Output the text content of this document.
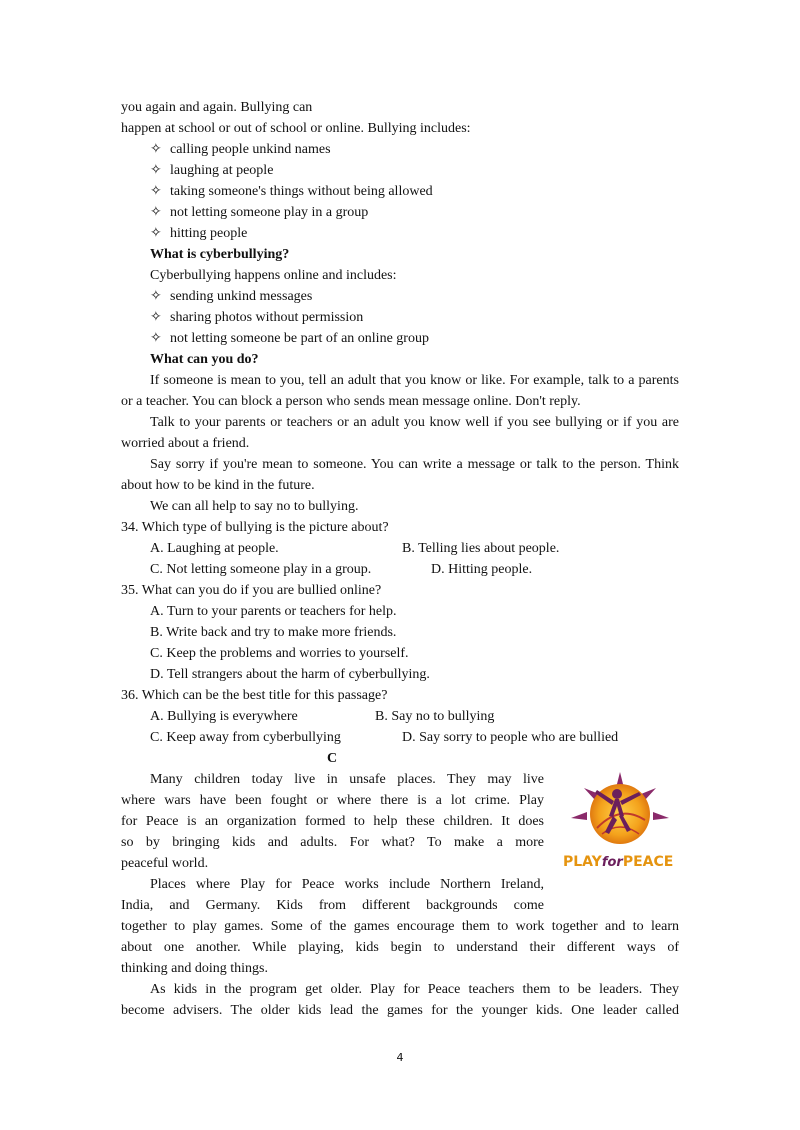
you again and again. Bullying can
happen at school or out of school or online. Bullying includes:
✧ calling people unkind names
✧ laughing at people
✧ taking someone's things without being allowed
✧ not letting someone play in a group
✧ hitting people
What is cyberbullying?
Cyberbullying happens online and includes:
✧ sending unkind messages
✧ sharing photos without permission
✧ not letting someone be part of an online group
What can you do?
If someone is mean to you, tell an adult that you know or like. For example, talk to a parents
or a teacher. You can block a person who sends mean message online. Don't reply.
Talk to your parents or teachers or an adult you know well if you see bullying or if you are
worried about a friend.
Say sorry if you're mean to someone. You can write a message or talk to the person. Think
about how to be kind in the future.
We can all help to say no to bullying.
34. Which type of bullying is the picture about?
A. Laughing at people.	B. Telling lies about people.
C. Not letting someone play in a group.	D. Hitting people.
35. What can you do if you are bullied online?
A. Turn to your parents or teachers for help.
B. Write back and try to make more friends.
C. Keep the problems and worries to yourself.
D. Tell strangers about the harm of cyberbullying.
36. Which can be the best title for this passage?
A. Bullying is everywhere	B. Say no to bullying
C. Keep away from cyberbullying	D. Say sorry to people who are bullied
C
Many children today live in unsafe places. They may live
where wars have been fought or where there is a lot crime. Play
for Peace is an organization formed to help these children. It does
so by bringing kids and adults. For what? To make a more
peaceful world.
Places where Play for Peace works include Northern Ireland,
India, and Germany. Kids from different backgrounds come
together to play games. Some of the games encourage them to work together and to learn
about one another. While playing, kids begin to understand their different ways of
thinking and doing things.
As kids in the program get older. Play for Peace teachers them to be leaders. They
become advisers. The older kids lead the games for the younger kids. One leader called
PLAYforPEACE
4
